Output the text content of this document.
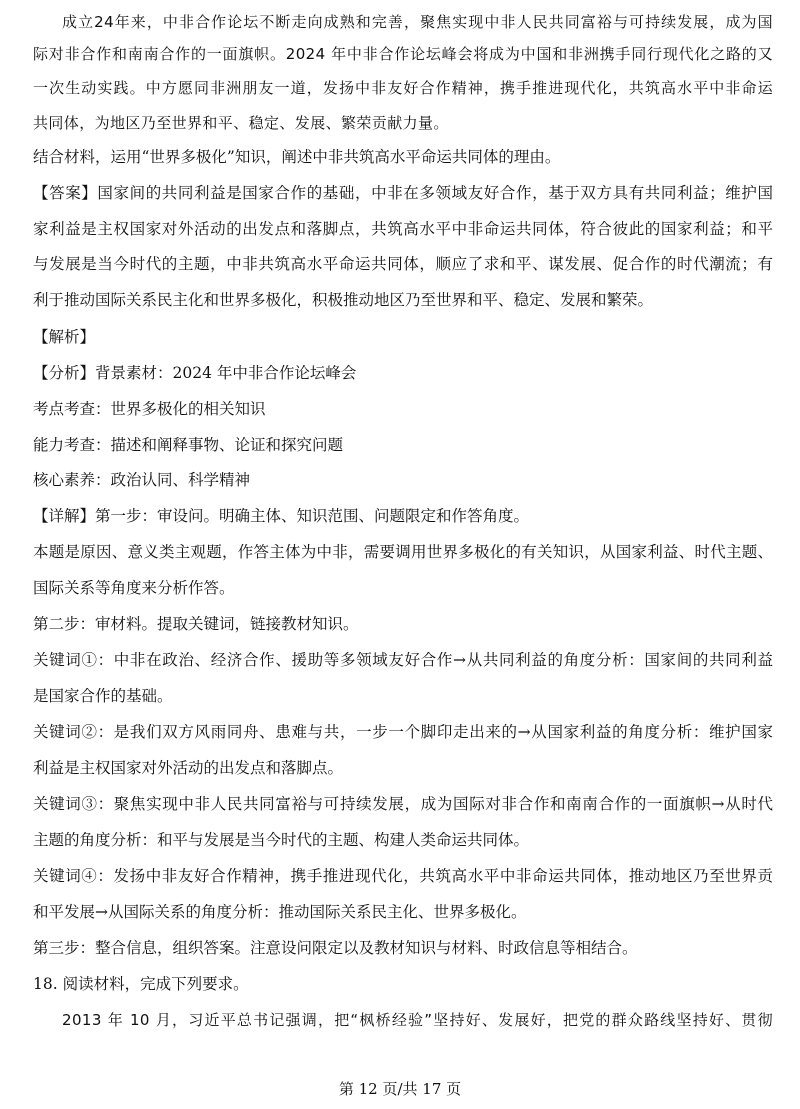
成立24年来，中非合作论坛不断走向成熟和完善，聚焦实现中非人民共同富裕与可持续发展，成为国
际对非合作和南南合作的一面旗帜。2024 年中非合作论坛峰会将成为中国和非洲携手同行现代化之路的又
一次生动实践。中方愿同非洲朋友一道，发扬中非友好合作精神，携手推进现代化，共筑高水平中非命运
共同体，为地区乃至世界和平、稳定、发展、繁荣贡献力量。
结合材料，运用“世界多极化”知识，阐述中非共筑高水平命运共同体的理由。
【答案】国家间的共同利益是国家合作的基础，中非在多领域友好合作，基于双方具有共同利益；维护国
家利益是主权国家对外活动的出发点和落脚点，共筑高水平中非命运共同体，符合彼此的国家利益；和平
与发展是当今时代的主题，中非共筑高水平命运共同体，顺应了求和平、谋发展、促合作的时代潮流；有
利于推动国际关系民主化和世界多极化，积极推动地区乃至世界和平、稳定、发展和繁荣。
【解析】
【分析】背景素材：2024 年中非合作论坛峰会
考点考查：世界多极化的相关知识
能力考查：描述和阐释事物、论证和探究问题
核心素养：政治认同、科学精神
【详解】第一步：审设问。明确主体、知识范围、问题限定和作答角度。
本题是原因、意义类主观题，作答主体为中非，需要调用世界多极化的有关知识，从国家利益、时代主题、
国际关系等角度来分析作答。
第二步：审材料。提取关键词，链接教材知识。
关键词①：中非在政治、经济合作、援助等多领域友好合作→从共同利益的角度分析：国家间的共同利益
是国家合作的基础。
关键词②：是我们双方风雨同舟、患难与共，一步一个脚印走出来的→从国家利益的角度分析：维护国家
利益是主权国家对外活动的出发点和落脚点。
关键词③：聚焦实现中非人民共同富裕与可持续发展，成为国际对非合作和南南合作的一面旗帜→从时代
主题的角度分析：和平与发展是当今时代的主题、构建人类命运共同体。
关键词④：发扬中非友好合作精神，携手推进现代化，共筑高水平中非命运共同体，推动地区乃至世界贡
和平发展→从国际关系的角度分析：推动国际关系民主化、世界多极化。
第三步：整合信息，组织答案。注意设问限定以及教材知识与材料、时政信息等相结合。
18. 阅读材料，完成下列要求。
2013 年 10 月，习近平总书记强调，把“枫桥经验”坚持好、发展好，把党的群众路线坚持好、贯彻
第 12 页/共 17 页
